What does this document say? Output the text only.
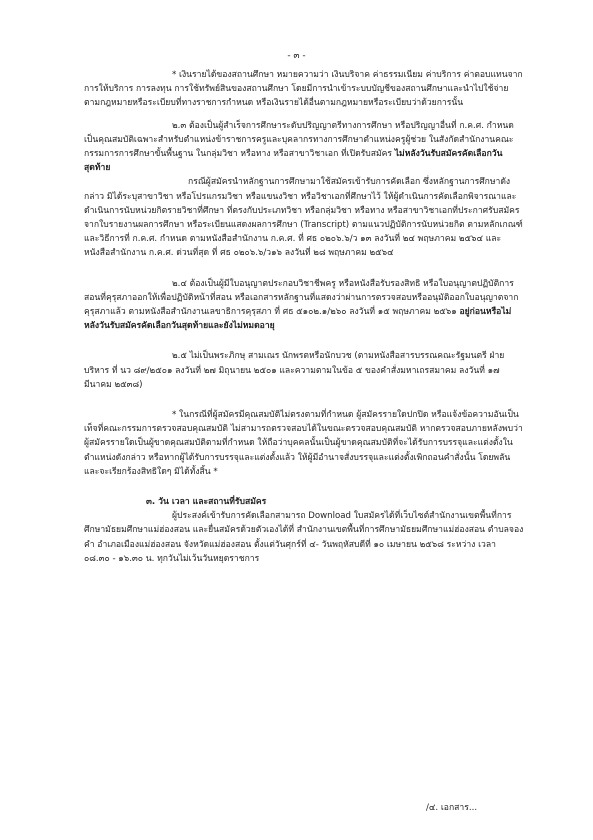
- ๓ -

* เงินรายได้ของสถานศึกษา หมายความว่า เงินบริจาค ค่าธรรมเนียม ค่าบริการ ค่าตอบแทนจากการให้บริการ การลงทุน การใช้ทรัพย์สินของสถานศึกษา โดยมีการนำเข้าระบบบัญชีของสถานศึกษาและนำไปใช้จ่ายตามกฎหมายหรือระเบียบที่ทางราชการกำหนด หรือเงินรายได้อื่นตามกฎหมายหรือระเบียบว่าด้วยการนั้น

๒.๓ ต้องเป็นผู้สำเร็จการศึกษาระดับปริญญาตรีทางการศึกษา หรือปริญญาอื่นที่ ก.ค.ศ. กำหนด เป็นคุณสมบัติเฉพาะสำหรับตำแหน่งข้าราชการครูและบุคลากรทางการศึกษาตำแหน่งครูผู้ช่วย ในสังกัดสำนักงานคณะกรรมการการศึกษาขั้นพื้นฐาน ในกลุ่มวิชา หรือทาง หรือสาขาวิชาเอก ที่เปิดรับสมัคร ไม่หลังวันรับสมัครคัดเลือกวันสุดท้าย

กรณีผู้สมัครนำหลักฐานการศึกษามาใช้สมัครเข้ารับการคัดเลือก ซึ่งหลักฐานการศึกษาดังกล่าว มิได้ระบุสาขาวิชา หรือโปรแกรมวิชา หรือแขนงวิชา หรือวิชาเอกที่ศึกษาไว้ ให้ผู้ดำเนินการคัดเลือกพิจารณาและดำเนินการนับหน่วยกิตรายวิชาที่ศึกษา ที่ตรงกับประเภทวิชา หรือกลุ่มวิชา หรือทาง หรือสาขาวิชาเอกที่ประกาศรับสมัคร จากใบรายงานผลการศึกษา หรือระเบียนแสดงผลการศึกษา (Transcript) ตามแนวปฏิบัติการนับหน่วยกิต ตามหลักเกณฑ์และวิธีการที่ ก.ค.ศ. กำหนด ตามหนังสือสำนักงาน ก.ค.ศ. ที่ ศธ ๐๒๐๖.๖/ว ๑๓ ลงวันที่ ๒๔ พฤษภาคม ๒๕๖๔ และหนังสือสำนักงาน ก.ค.ศ. ด่วนที่สุด ที่ ศธ ๐๒๐๖.๖/ว๑๖ ลงวันที่ ๒๘ พฤษภาคม ๒๕๖๔

๒.๔ ต้องเป็นผู้มีใบอนุญาตประกอบวิชาชีพครู หรือหนังสือรับรองสิทธิ หรือใบอนุญาตปฏิบัติการสอนที่คุรุสภาออกให้เพื่อปฏิบัติหน้าที่สอน หรือเอกสารหลักฐานที่แสดงว่าผ่านการตรวจสอบหรืออนุมัติออกใบอนุญาตจากคุรุสภาแล้ว ตามหนังสือสำนักงานเลขาธิการคุรุสภา ที่ ศธ ๕๑๐๒.๑/๒๖๐ ลงวันที่ ๑๕ พฤษภาคม ๒๕๖๑ อยู่ก่อนหรือไม่หลังวันรับสมัครคัดเลือกวันสุดท้ายและยังไม่หมดอายุ

๒.๕ ไม่เป็นพระภิกษุ สามเณร นักพรตหรือนักบวช (ตามหนังสือสารบรรณคณะรัฐมนตรี ฝ่ายบริหาร ที่ นว ๘๙/๒๕๐๑ ลงวันที่ ๒๗ มิถุนายน ๒๕๐๑ และความตามในข้อ ๕ ของคำสั่งมหาเถรสมาคม ลงวันที่ ๑๗ มีนาคม ๒๕๓๘)

* ในกรณีที่ผู้สมัครมีคุณสมบัติไม่ตรงตามที่กำหนด ผู้สมัครรายใดปกปิด หรือแจ้งข้อความอันเป็นเท็จที่คณะกรรมการตรวจสอบคุณสมบัติ ไม่สามารถตรวจสอบได้ในขณะตรวจสอบคุณสมบัติ หากตรวจสอบภายหลังพบว่าผู้สมัครรายใดเป็นผู้ขาดคุณสมบัติตามที่กำหนด ให้ถือว่าบุคคลนั้นเป็นผู้ขาดคุณสมบัติที่จะได้รับการบรรจุและแต่งตั้งในตำแหน่งดังกล่าว หรือหากผู้ได้รับการบรรจุและแต่งตั้งแล้ว ให้ผู้มีอำนาจสั่งบรรจุและแต่งตั้งเพิกถอนคำสั่งนั้น โดยพลัน และจะเรียกร้องสิทธิใดๆ มิได้ทั้งสิ้น *

๓. วัน เวลา และสถานที่รับสมัคร

ผู้ประสงค์เข้ารับการคัดเลือกสามารถ Download ใบสมัครได้ที่เว็บไซต์สำนักงานเขตพื้นที่การศึกษามัธยมศึกษาแม่ฮ่องสอน และยื่นสมัครด้วยตัวเองได้ที่ สำนักงานเขตพื้นที่การศึกษามัธยมศึกษาแม่ฮ่องสอน ตำบลจองคำ อำเภอเมืองแม่ฮ่องสอน จังหวัดแม่ฮ่องสอน ตั้งแต่วันศุกร์ที่ ๔- วันพฤหัสบดีที่ ๑๐ เมษายน ๒๕๖๘ ระหว่าง เวลา ๐๘.๓๐ - ๑๖.๓๐ น. ทุกวันไม่เว้นวันหยุดราชการ

/๔. เอกสาร...
